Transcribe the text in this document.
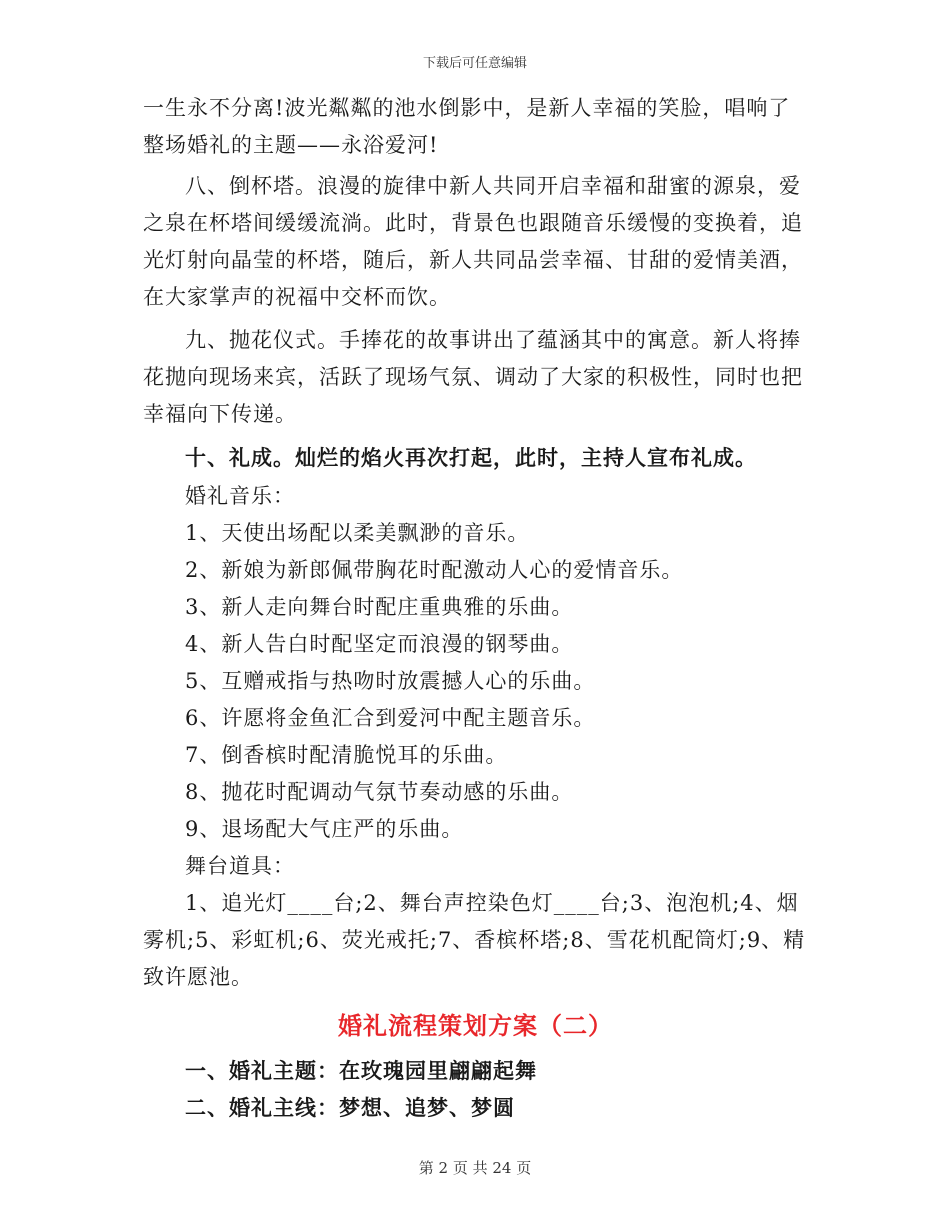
下载后可任意编辑

一生永不分离!波光粼粼的池水倒影中，是新人幸福的笑脸，唱响了整场婚礼的主题——永浴爱河!

八、倒杯塔。浪漫的旋律中新人共同开启幸福和甜蜜的源泉，爱之泉在杯塔间缓缓流淌。此时，背景色也跟随音乐缓慢的变换着，追光灯射向晶莹的杯塔，随后，新人共同品尝幸福、甘甜的爱情美酒，在大家掌声的祝福中交杯而饮。

九、抛花仪式。手捧花的故事讲出了蕴涵其中的寓意。新人将捧花抛向现场来宾，活跃了现场气氛、调动了大家的积极性，同时也把幸福向下传递。

十、礼成。灿烂的焰火再次打起，此时，主持人宣布礼成。

婚礼音乐：

1、天使出场配以柔美飘渺的音乐。

2、新娘为新郎佩带胸花时配激动人心的爱情音乐。

3、新人走向舞台时配庄重典雅的乐曲。

4、新人告白时配坚定而浪漫的钢琴曲。

5、互赠戒指与热吻时放震撼人心的乐曲。

6、许愿将金鱼汇合到爱河中配主题音乐。

7、倒香槟时配清脆悦耳的乐曲。

8、抛花时配调动气氛节奏动感的乐曲。

9、退场配大气庄严的乐曲。

舞台道具：

1、追光灯____台;2、舞台声控染色灯____台;3、泡泡机;4、烟雾机;5、彩虹机;6、荧光戒托;7、香槟杯塔;8、雪花机配筒灯;9、精致许愿池。

婚礼流程策划方案（二）

一、婚礼主题：在玫瑰园里翩翩起舞

二、婚礼主线：梦想、追梦、梦圆

第 2 页 共 24 页
